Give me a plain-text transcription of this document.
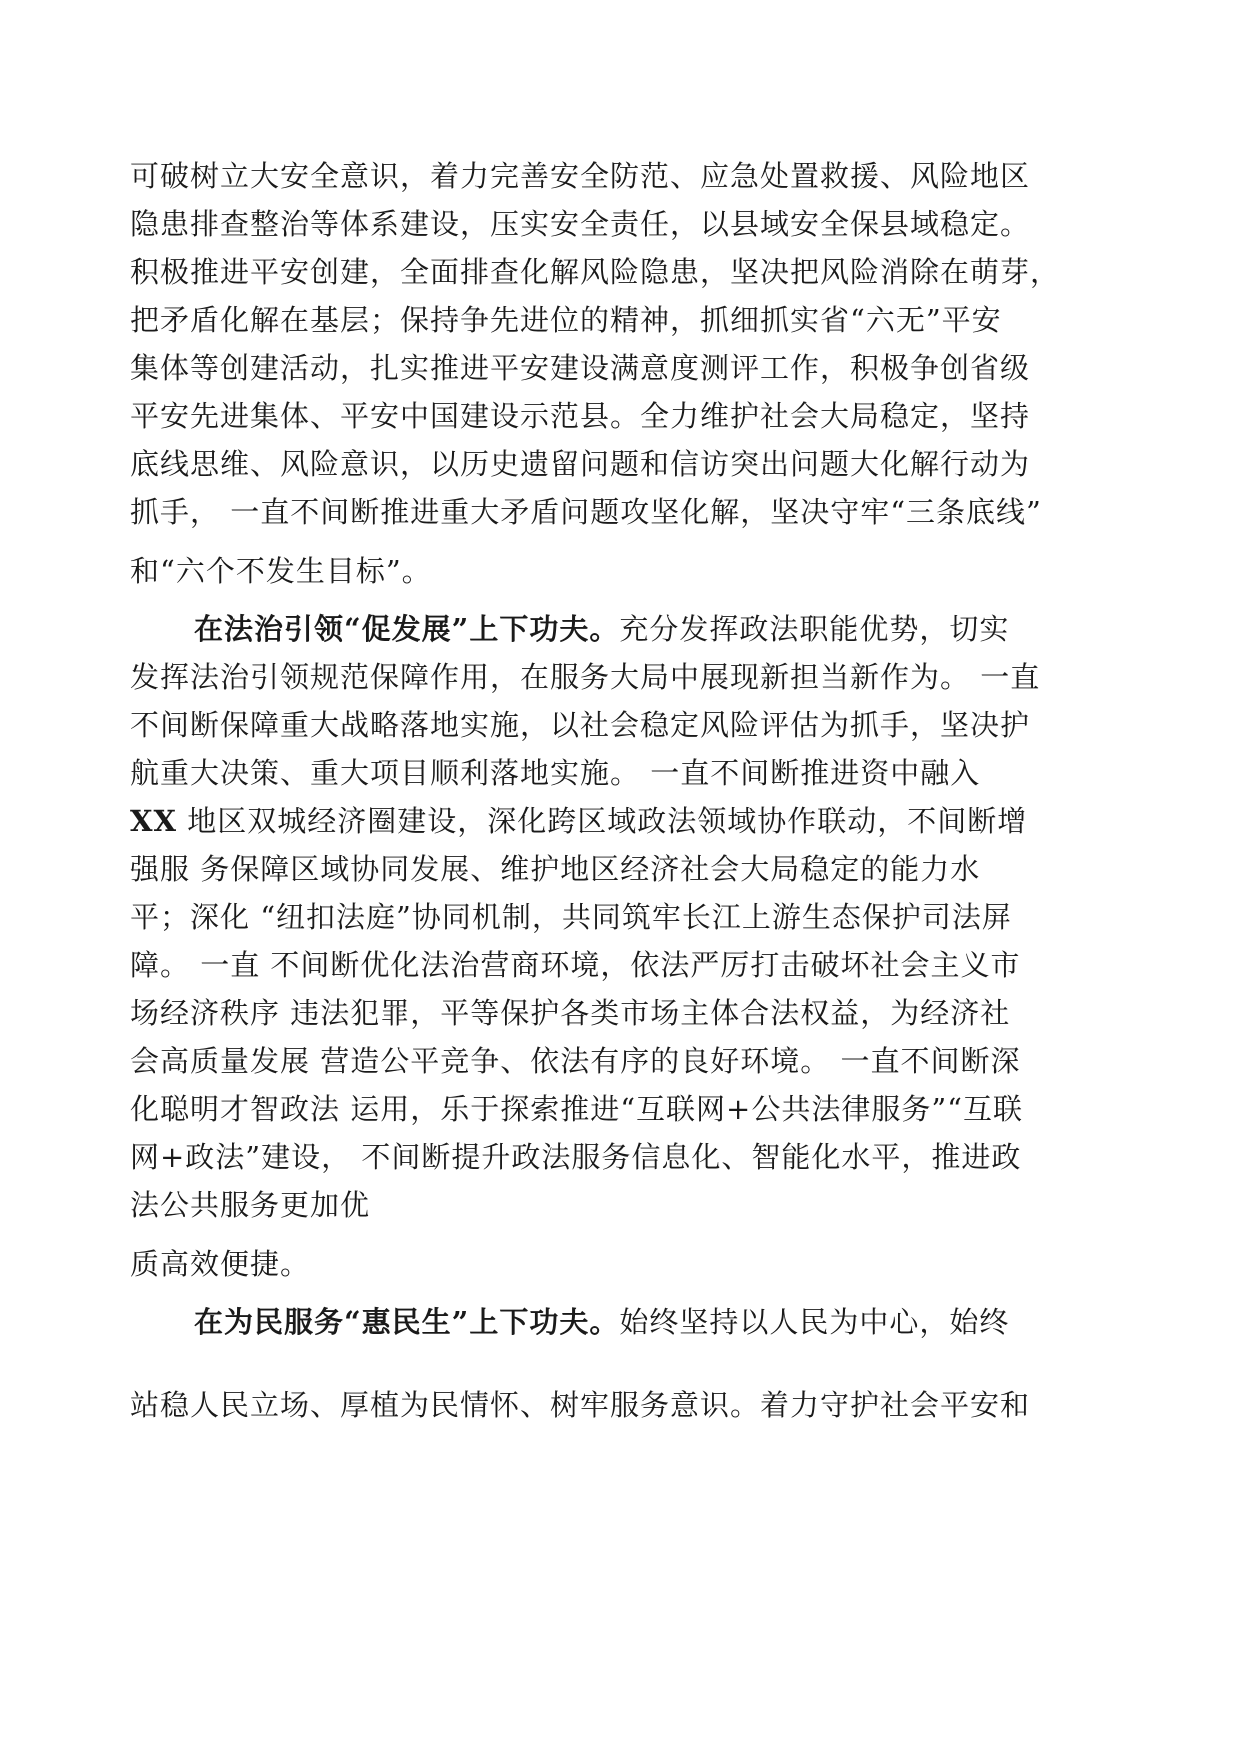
可破树立大安全意识，着力完善安全防范、应急处置救援、风险地区
隐患排查整治等体系建设，压实安全责任，以县域安全保县域稳定。
积极推进平安创建，全面排查化解风险隐患，坚决把风险消除在萌芽，
把矛盾化解在基层；保持争先进位的精神，抓细抓实省“六无”平安
集体等创建活动，扎实推进平安建设满意度测评工作，积极争创省级
平安先进集体、平安中国建设示范县。全力维护社会大局稳定，坚持
底线思维、风险意识，以历史遗留问题和信访突出问题大化解行动为
抓手， 一直不间断推进重大矛盾问题攻坚化解，坚决守牢“三条底线”
和“六个不发生目标”。
在法治引领“促发展”上下功夫。充分发挥政法职能优势，切实
发挥法治引领规范保障作用，在服务大局中展现新担当新作为。 一直
不间断保障重大战略落地实施，以社会稳定风险评估为抓手，坚决护
航重大决策、重大项目顺利落地实施。 一直不间断推进资中融入
XX 地区双城经济圈建设，深化跨区域政法领域协作联动，不间断增
强服 务保障区域协同发展、维护地区经济社会大局稳定的能力水
平；深化 “纽扣法庭”协同机制，共同筑牢长江上游生态保护司法屏
障。 一直 不间断优化法治营商环境，依法严厉打击破坏社会主义市
场经济秩序 违法犯罪，平等保护各类市场主体合法权益，为经济社
会高质量发展 营造公平竞争、依法有序的良好环境。 一直不间断深
化聪明才智政法 运用，乐于探索推进“互联网+公共法律服务”“互联
网+政法”建设， 不间断提升政法服务信息化、智能化水平，推进政
法公共服务更加优
质高效便捷。
在为民服务“惠民生”上下功夫。始终坚持以人民为中心，始终
站稳人民立场、厚植为民情怀、树牢服务意识。着力守护社会平安和
